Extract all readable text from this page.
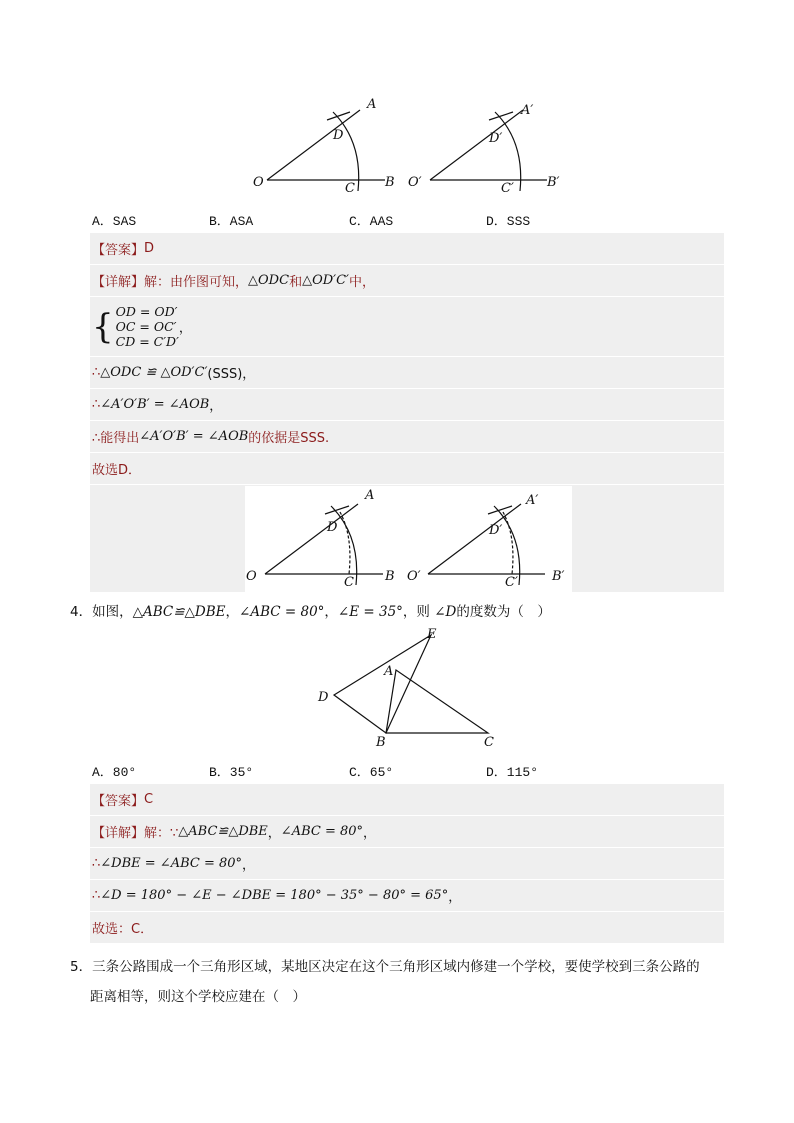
O
A
B
C
D
O′
A′
B′
C′
D′
A．SAS	B．ASA	C．AAS	D．SSS
【答案】 D
【详解】 解：由作图可知， △ODC 和 △OD′C′ 中，
{ OD = OD′
OC = OC′
CD = C′D′
，
∴ △ODC ≌ △OD′C′ (SSS)，
∴ ∠A′O′B′ = ∠AOB ，
∴能得出 ∠A′O′B′ = ∠AOB 的依据是SSS.
故选D．
O
A
B
C
D
O′
A′
B′
C′
D′
4．如图，△ABC≌△DBE，∠ABC = 80°，∠E = 35°，则 ∠D的度数为（　）
E
A
D
B	C
A．80°	B．35°	C．65°	D．115°
【答案】 C
【详解】 解：∵ △ABC≌△DBE ， ∠ABC = 80° ，
∴ ∠DBE = ∠ABC = 80° ，
∴ ∠D = 180° − ∠E − ∠DBE = 180° − 35° − 80° = 65° ，
故选：C．
5．三条公路围成一个三角形区域，某地区决定在这个三角形区域内修建一个学校，要使学校到三条公路的
距离相等，则这个学校应建在（　）
